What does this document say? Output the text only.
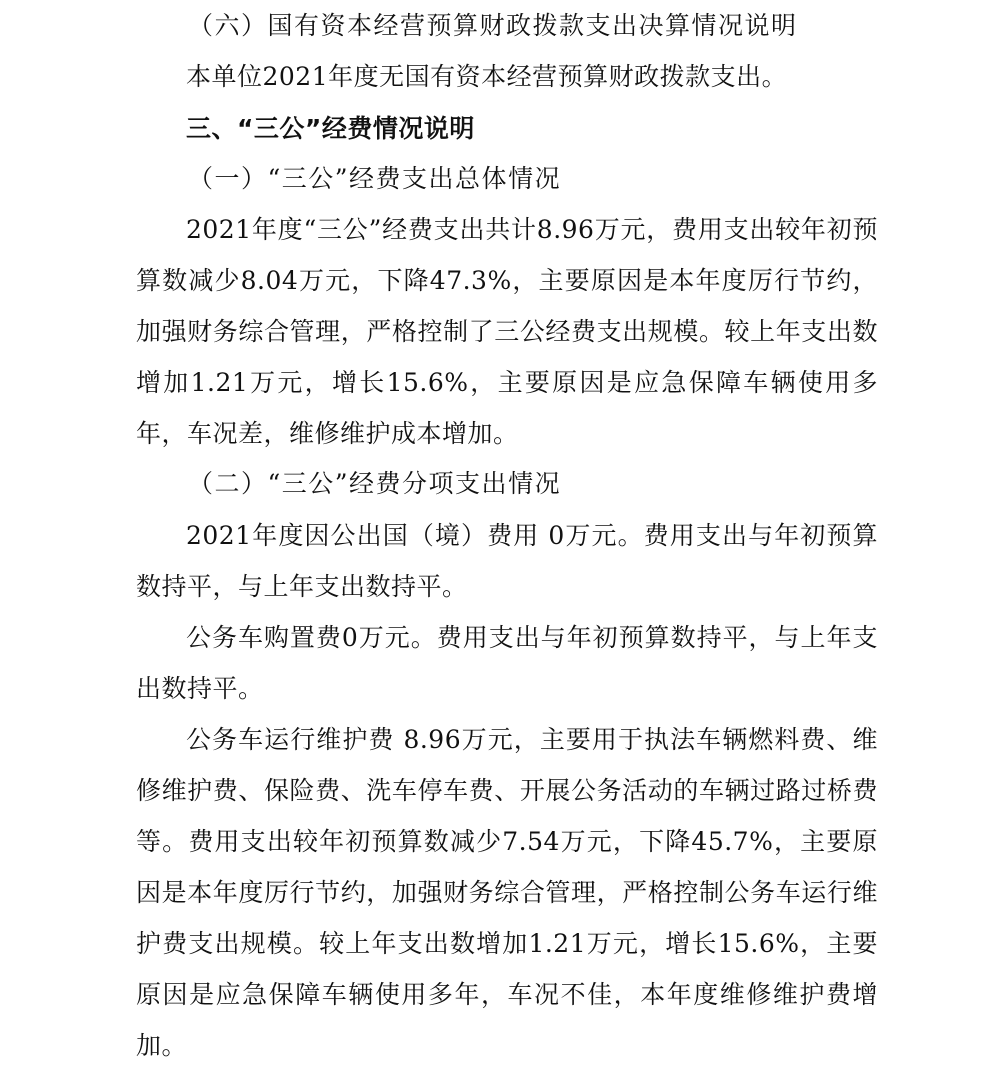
（六）国有资本经营预算财政拨款支出决算情况说明

本单位2021年度无国有资本经营预算财政拨款支出。

三、“三公”经费情况说明

（一）“三公”经费支出总体情况

2021年度“三公”经费支出共计8.96万元，费用支出较年初预算数减少8.04万元，下降47.3%，主要原因是本年度厉行节约，加强财务综合管理，严格控制了三公经费支出规模。较上年支出数增加1.21万元，增长15.6%，主要原因是应急保障车辆使用多年，车况差，维修维护成本增加。

（二）“三公”经费分项支出情况

2021年度因公出国（境）费用 0万元。费用支出与年初预算数持平，与上年支出数持平。

公务车购置费0万元。费用支出与年初预算数持平，与上年支出数持平。

公务车运行维护费 8.96万元，主要用于执法车辆燃料费、维修维护费、保险费、洗车停车费、开展公务活动的车辆过路过桥费等。费用支出较年初预算数减少7.54万元，下降45.7%，主要原因是本年度厉行节约，加强财务综合管理，严格控制公务车运行维护费支出规模。较上年支出数增加1.21万元，增长15.6%，主要原因是应急保障车辆使用多年，车况不佳，本年度维修维护费增加。
